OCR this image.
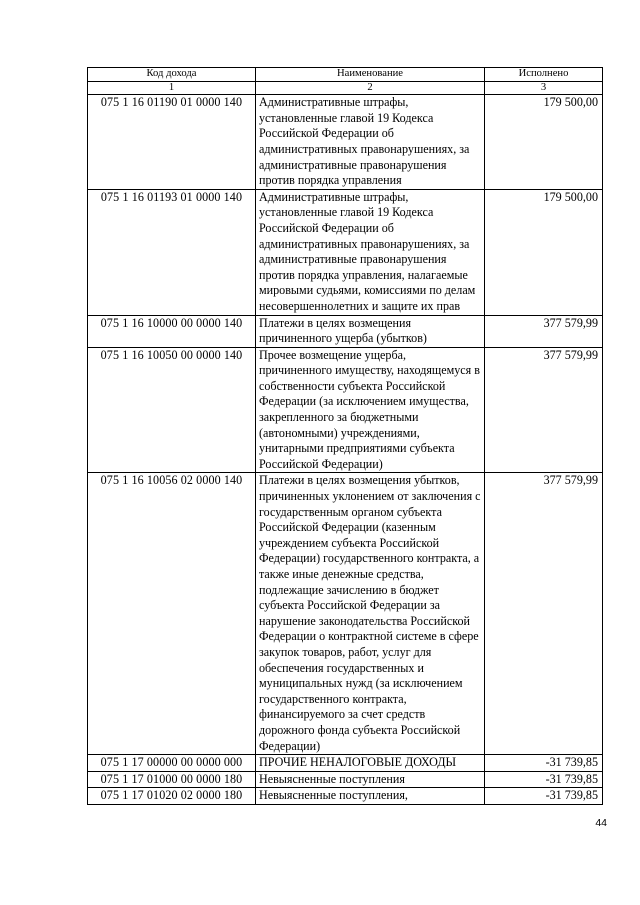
Код дохода	Наименование	Исполнено
1	2	3
075 1 16 01190 01 0000 140	Административные штрафы, установленные главой 19 Кодекса Российской Федерации об административных правонарушениях, за административные правонарушения против порядка управления	179 500,00
075 1 16 01193 01 0000 140	Административные штрафы, установленные главой 19 Кодекса Российской Федерации об административных правонарушениях, за административные правонарушения против порядка управления, налагаемые мировыми судьями, комиссиями по делам несовершеннолетних и защите их прав	179 500,00
075 1 16 10000 00 0000 140	Платежи в целях возмещения причиненного ущерба (убытков)	377 579,99
075 1 16 10050 00 0000 140	Прочее возмещение ущерба, причиненного имуществу, находящемуся в собственности субъекта Российской Федерации (за исключением имущества, закрепленного за бюджетными (автономными) учреждениями, унитарными предприятиями субъекта Российской Федерации)	377 579,99
075 1 16 10056 02 0000 140	Платежи в целях возмещения убытков, причиненных уклонением от заключения с государственным органом субъекта Российской Федерации (казенным учреждением субъекта Российской Федерации) государственного контракта, а также иные денежные средства, подлежащие зачислению в бюджет субъекта Российской Федерации за нарушение законодательства Российской Федерации о контрактной системе в сфере закупок товаров, работ, услуг для обеспечения государственных и муниципальных нужд (за исключением государственного контракта, финансируемого за счет средств дорожного фонда субъекта Российской Федерации)	377 579,99
075 1 17 00000 00 0000 000	ПРОЧИЕ НЕНАЛОГОВЫЕ ДОХОДЫ	-31 739,85
075 1 17 01000 00 0000 180	Невыясненные поступления	-31 739,85
075 1 17 01020 02 0000 180	Невыясненные поступления,	-31 739,85
44
